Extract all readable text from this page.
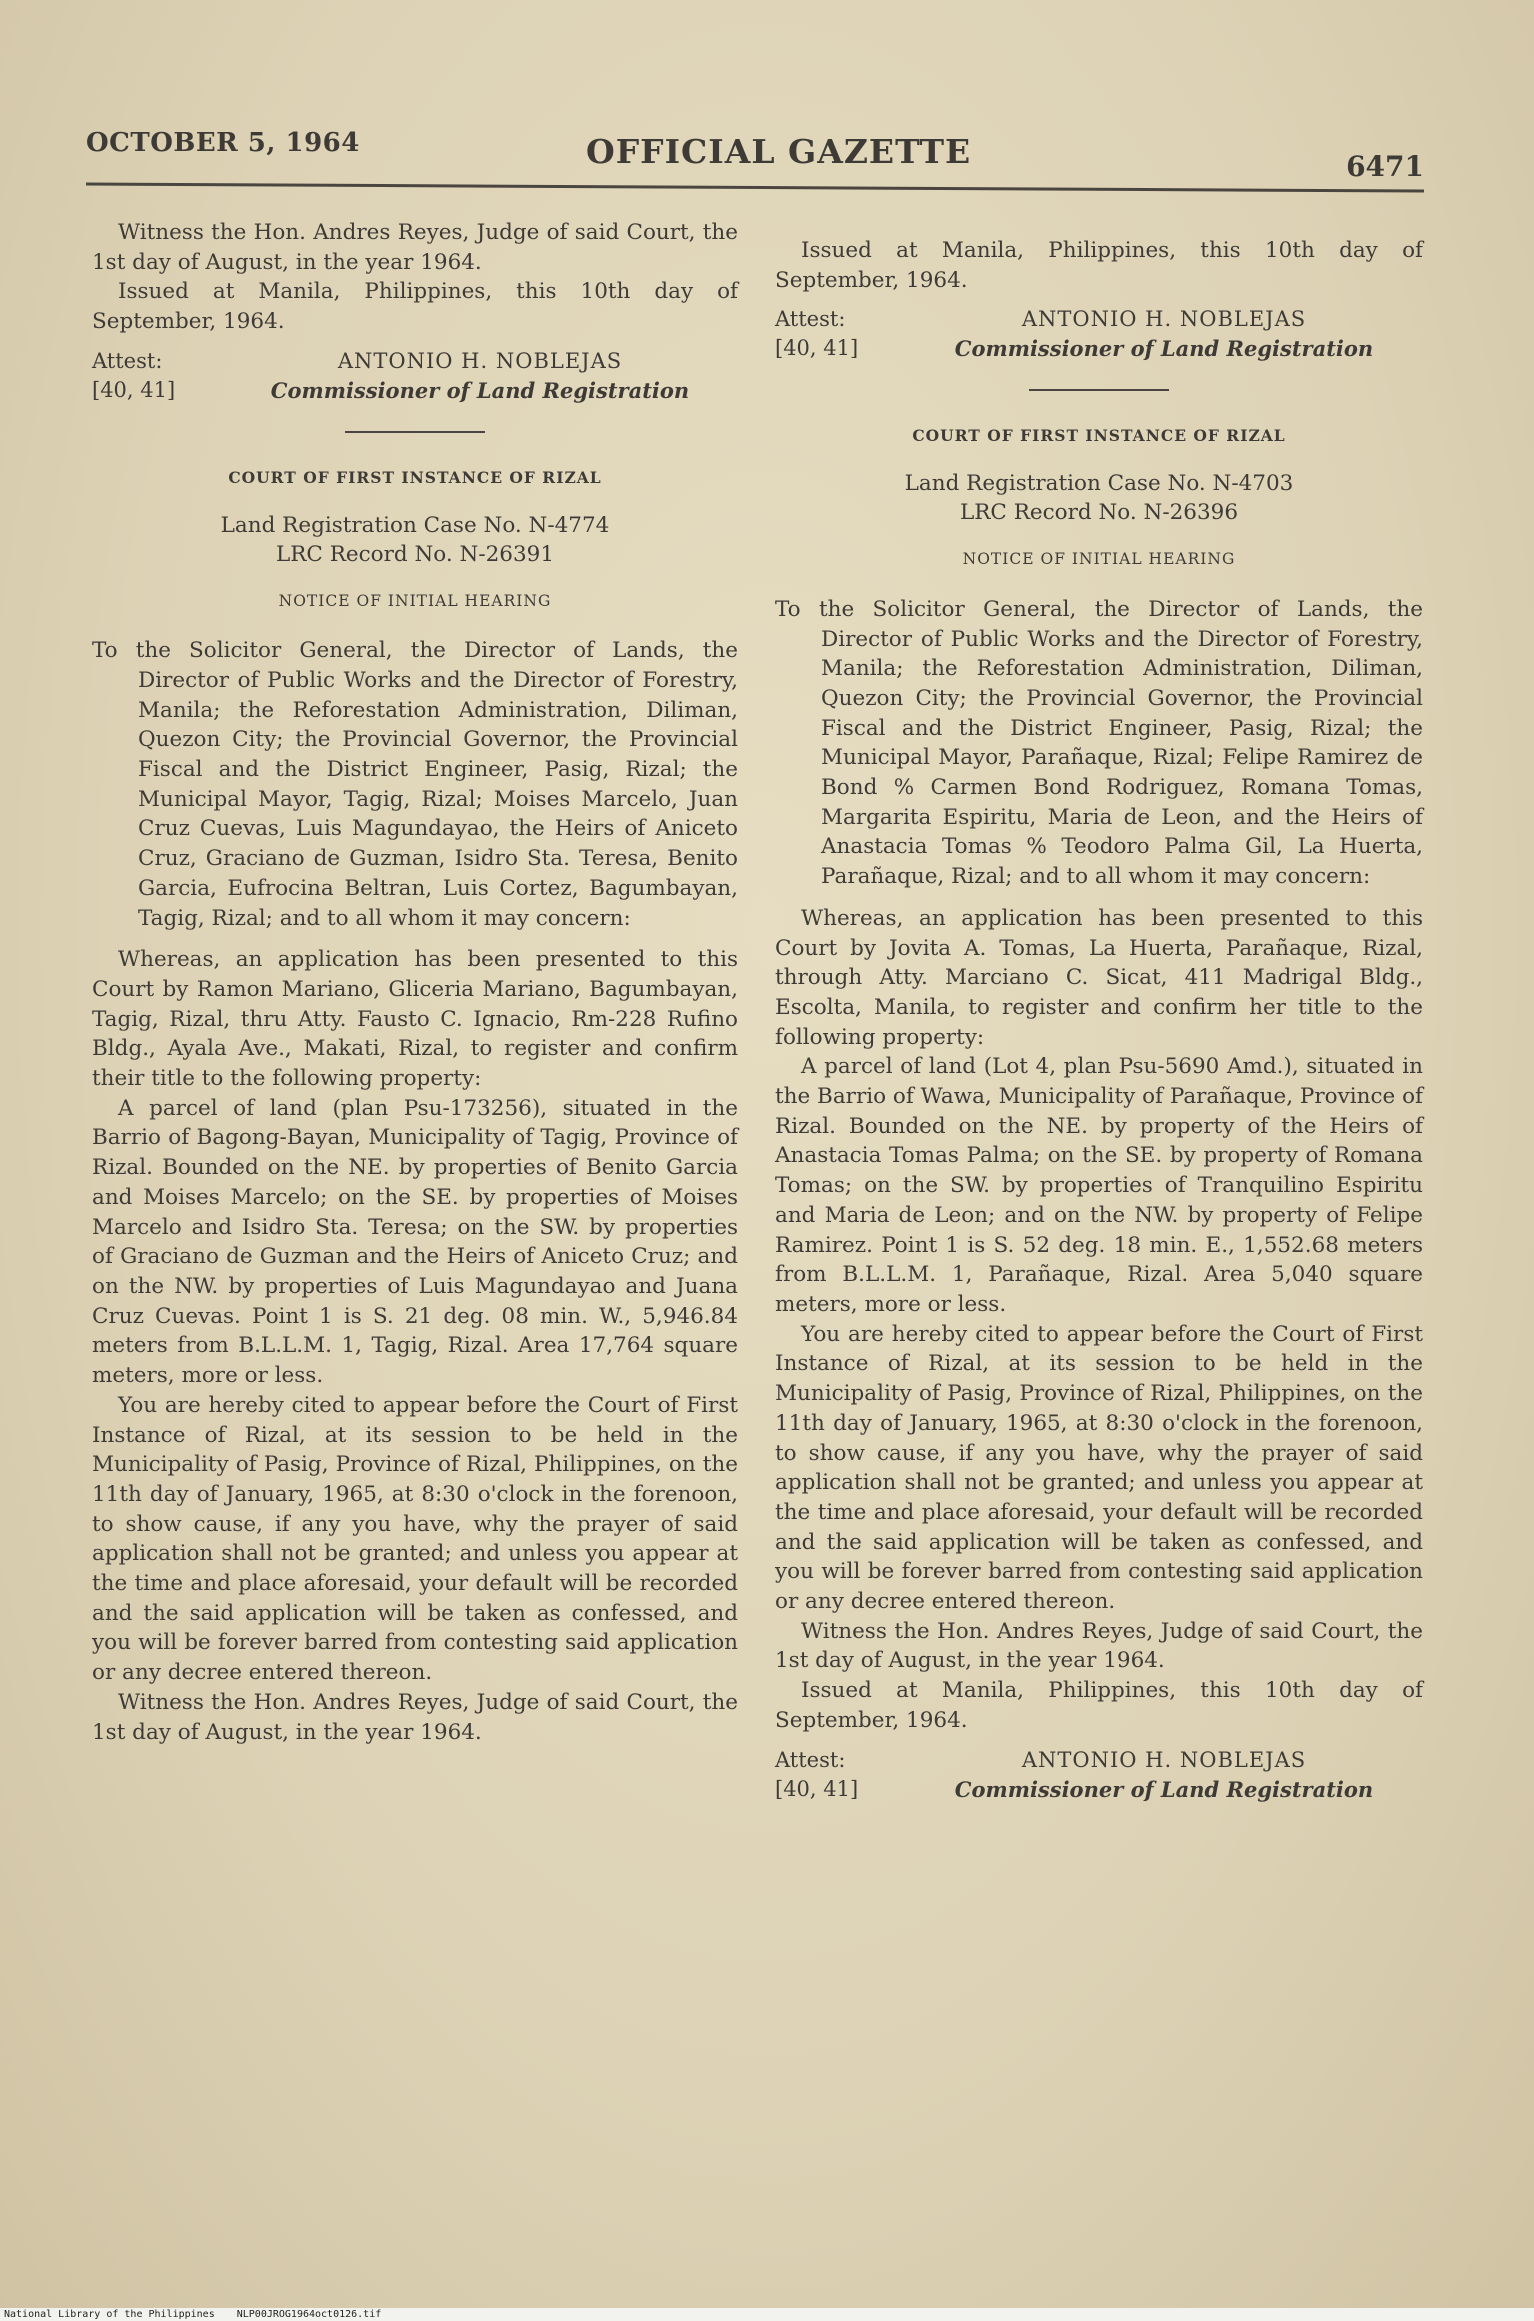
OCTOBER 5, 1964	OFFICIAL GAZETTE	6471

Witness the Hon. Andres Reyes, Judge of said Court, the 1st day of August, in the year 1964.

Issued at Manila, Philippines, this 10th day of September, 1964.

Attest:
[40, 41]
ANTONIO H. NOBLEJAS
Commissioner of Land Registration
COURT OF FIRST INSTANCE OF RIZAL
Land Registration Case No. N-4774
LRC Record No. N-26391
NOTICE OF INITIAL HEARING

To the Solicitor General, the Director of Lands, the Director of Public Works and the Director of Forestry, Manila; the Reforestation Administration, Diliman, Quezon City; the Provincial Governor, the Provincial Fiscal and the District Engineer, Pasig, Rizal; the Municipal Mayor, Tagig, Rizal; Moises Marcelo, Juan Cruz Cuevas, Luis Magundayao, the Heirs of Aniceto Cruz, Graciano de Guzman, Isidro Sta. Teresa, Benito Garcia, Eufrocina Beltran, Luis Cortez, Bagumbayan, Tagig, Rizal; and to all whom it may concern:

Whereas, an application has been presented to this Court by Ramon Mariano, Gliceria Mariano, Bagumbayan, Tagig, Rizal, thru Atty. Fausto C. Ignacio, Rm-228 Rufino Bldg., Ayala Ave., Makati, Rizal, to register and confirm their title to the following property:

A parcel of land (plan Psu-173256), situated in the Barrio of Bagong-Bayan, Municipality of Tagig, Province of Rizal. Bounded on the NE. by properties of Benito Garcia and Moises Marcelo; on the SE. by properties of Moises Marcelo and Isidro Sta. Teresa; on the SW. by properties of Graciano de Guzman and the Heirs of Aniceto Cruz; and on the NW. by properties of Luis Magundayao and Juana Cruz Cuevas. Point 1 is S. 21 deg. 08 min. W., 5,946.84 meters from B.L.L.M. 1, Tagig, Rizal. Area 17,764 square meters, more or less.

You are hereby cited to appear before the Court of First Instance of Rizal, at its session to be held in the Municipality of Pasig, Province of Rizal, Philippines, on the 11th day of January, 1965, at 8:30 o'clock in the forenoon, to show cause, if any you have, why the prayer of said application shall not be granted; and unless you appear at the time and place aforesaid, your default will be recorded and the said application will be taken as confessed, and you will be forever barred from contesting said application or any decree entered thereon.

Witness the Hon. Andres Reyes, Judge of said Court, the 1st day of August, in the year 1964.

Issued at Manila, Philippines, this 10th day of September, 1964.

Attest:
[40, 41]
ANTONIO H. NOBLEJAS
Commissioner of Land Registration
COURT OF FIRST INSTANCE OF RIZAL
Land Registration Case No. N-4703
LRC Record No. N-26396
NOTICE OF INITIAL HEARING

To the Solicitor General, the Director of Lands, the Director of Public Works and the Director of Forestry, Manila; the Reforestation Administration, Diliman, Quezon City; the Provincial Governor, the Provincial Fiscal and the District Engineer, Pasig, Rizal; the Municipal Mayor, Parañaque, Rizal; Felipe Ramirez de Bond % Carmen Bond Rodriguez, Romana Tomas, Margarita Espiritu, Maria de Leon, and the Heirs of Anastacia Tomas % Teodoro Palma Gil, La Huerta, Parañaque, Rizal; and to all whom it may concern:

Whereas, an application has been presented to this Court by Jovita A. Tomas, La Huerta, Parañaque, Rizal, through Atty. Marciano C. Sicat, 411 Madrigal Bldg., Escolta, Manila, to register and confirm her title to the following property:

A parcel of land (Lot 4, plan Psu-5690 Amd.), situated in the Barrio of Wawa, Municipality of Parañaque, Province of Rizal. Bounded on the NE. by property of the Heirs of Anastacia Tomas Palma; on the SE. by property of Romana Tomas; on the SW. by properties of Tranquilino Espiritu and Maria de Leon; and on the NW. by property of Felipe Ramirez. Point 1 is S. 52 deg. 18 min. E., 1,552.68 meters from B.L.L.M. 1, Parañaque, Rizal. Area 5,040 square meters, more or less.

You are hereby cited to appear before the Court of First Instance of Rizal, at its session to be held in the Municipality of Pasig, Province of Rizal, Philippines, on the 11th day of January, 1965, at 8:30 o'clock in the forenoon, to show cause, if any you have, why the prayer of said application shall not be granted; and unless you appear at the time and place aforesaid, your default will be recorded and the said application will be taken as confessed, and you will be forever barred from contesting said application or any decree entered thereon.

Witness the Hon. Andres Reyes, Judge of said Court, the 1st day of August, in the year 1964.

Issued at Manila, Philippines, this 10th day of September, 1964.

Attest:
[40, 41]
ANTONIO H. NOBLEJAS
Commissioner of Land Registration
National Library of the Philippines NLP00JROG1964oct0126.tif
